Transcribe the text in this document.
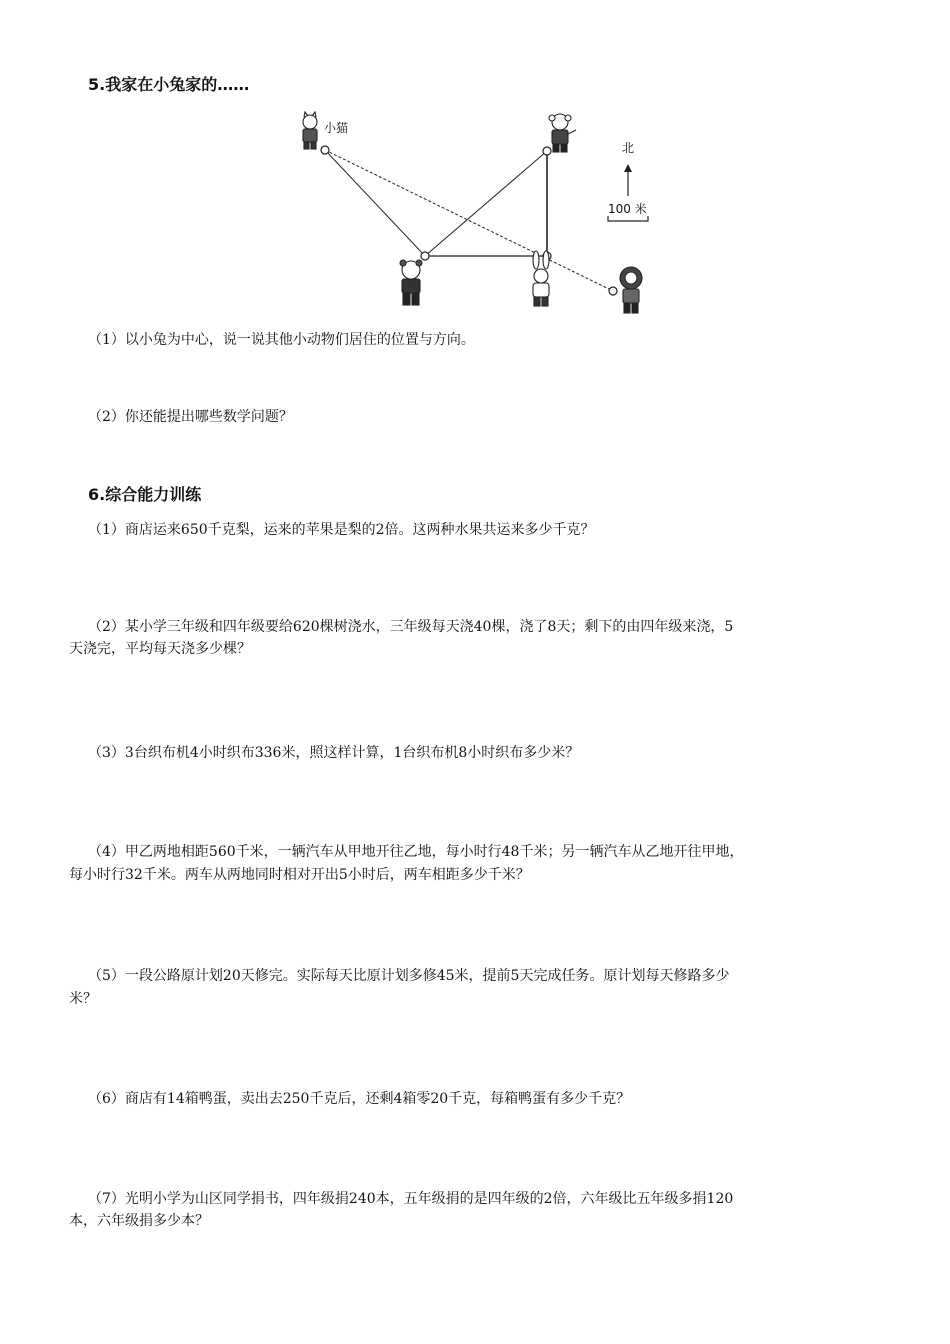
5.我家在小兔家的……
小猫
北
100 米
（1）以小兔为中心，说一说其他小动物们居住的位置与方向。
（2）你还能提出哪些数学问题？
6.综合能力训练
（1）商店运来650千克梨，运来的苹果是梨的2倍。这两种水果共运来多少千克？
（2）某小学三年级和四年级要给620棵树浇水，三年级每天浇40棵，浇了8天；剩下的由四年级来浇，5
天浇完，平均每天浇多少棵？
（3）3台织布机4小时织布336米，照这样计算，1台织布机8小时织布多少米？
（4）甲乙两地相距560千米，一辆汽车从甲地开往乙地，每小时行48千米；另一辆汽车从乙地开往甲地，
每小时行32千米。两车从两地同时相对开出5小时后，两车相距多少千米？
（5）一段公路原计划20天修完。实际每天比原计划多修45米，提前5天完成任务。原计划每天修路多少
米？
（6）商店有14箱鸭蛋，卖出去250千克后，还剩4箱零20千克，每箱鸭蛋有多少千克？
（7）光明小学为山区同学捐书，四年级捐240本，五年级捐的是四年级的2倍，六年级比五年级多捐120
本，六年级捐多少本？
